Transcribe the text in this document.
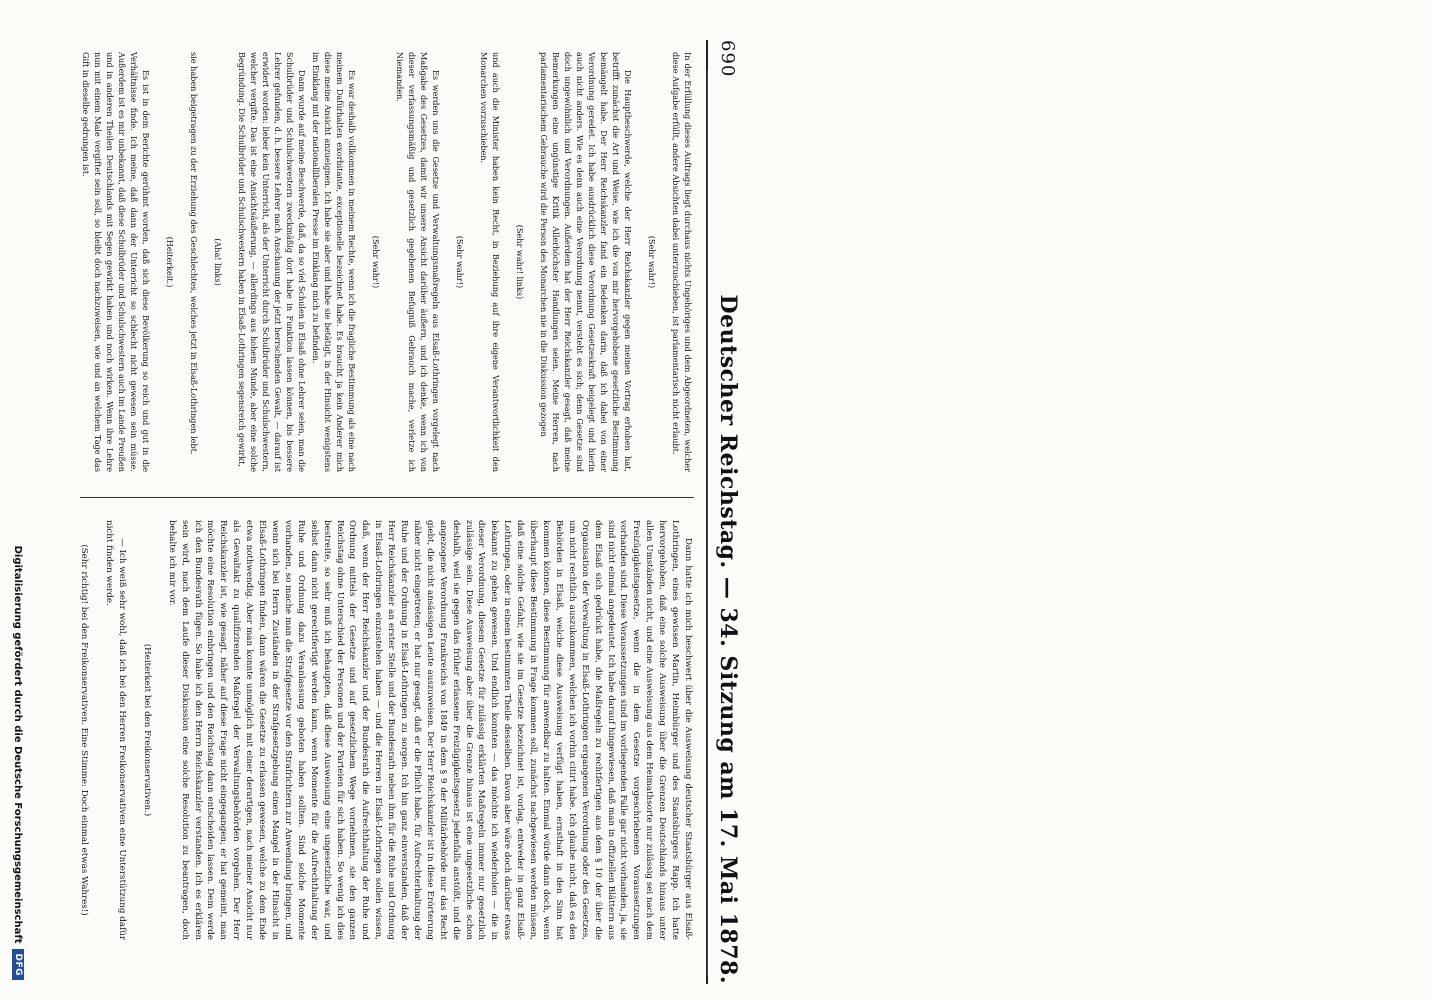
690
Deutscher Reichstag. — 34. Sitzung am 17. Mai 1878.

In der Erfüllung dieses Auftrags liegt durchaus nichts Ungehöriges und dem Abgeordneten, welcher diese Aufgabe erfüllt, andere Absichten dabei unterzuschieben, ist parlamentarisch nicht erlaubt.

(Sehr wahr!)

Die Hauptbeschwerde, welche der Herr Reichskanzler gegen meinen Vortrag erhoben hat, betrifft zunächst die Art und Weise, wie ich die von mir hervorgehobene gesetzliche Bestimmung bemängelt habe. Der Herr Reichskanzler fand ein Bedenken darin, daß ich dabei von einer Verordnung geredet. Ich habe ausdrücklich diese Verordnung Gesetzeskraft beigelegt und hierin auch nicht anders. Wie es denn auch eine Verordnung nennt, versteht es sich; denn Gesetze sind doch ungewöhnlich und Verordnungen. Außerdem hat der Herr Reichskanzler gesagt, daß meine Bemerkungen eine ungünstige Kritik Allerhöchster Handlungen seien. Meine Herren, nach parlamentarischem Gebrauche wird die Person des Monarchen nie in die Diskussion gezogen

(Sehr wahr! links)

und auch die Minister haben kein Recht, in Beziehung auf ihre eigene Verantwortlichkeit den Monarchen vorzuschieben.

(Sehr wahr!)

Es werden uns die Gesetze und Verwaltungsmaßregeln aus Elsaß-Lothringen vorgelegt nach Maßgabe des Gesetzes, damit wir unsere Ansicht darüber äußern, und ich denke, wenn ich von dieser verfassungsmäßig und gesetzlich gegebenen Befugniß Gebrauch mache, verletze ich Niemanden.

(Sehr wahr!)

Es war deshalb vollkommen in meinem Rechte, wenn ich die fragliche Bestimmung als eine nach meinem Dafürhalten exorbitante, exceptionelle bezeichnet habe. Es braucht ja kein Anderer mich diese meine Ansicht anzueignen. Ich habe sie aber und habe sie betätigt, in der Hinsicht wenigstens im Einklang mit der nationalliberalen Presse im Einklang mich zu befinden.

Dann wurde auf meine Beschwerde, daß, da so viel Schulen in Elsaß ohne Lehrer seien, man die Schulbrüder und Schulschwestern zweckmäßig dort habe in Funktion lassen können, bis bessere Lehrer gefunden, d. h. bessere Lehrer nach Anschauung der jetzt herrschenden Gewalt, — darauf ist erwidert worden: lieber kein Unterricht, als der Unterricht durch Schulbrüder und Schulschwestern, welcher vergifte. Das ist eine Ansichtsäußerung, — allerdings aus hohem Munde, aber eine solche Begründung. Die Schulbrüder und Schulschwestern haben in Elsaß-Lothringen segensreich gewirkt,

(Aha! links)

sie haben beigetragen zu der Erziehung des Geschlechtes, welches jetzt in Elsaß-Lothringen lebt.

(Heiterkeit.)

Es ist in dem Berichte gerühmt worden, daß sich diese Bevölkerung so reich und gut in die Verhältnisse finde. Ich meine, daß dann der Unterricht so schlecht nicht gewesen sein müsse. Außerdem ist es mir unbekannt, daß diese Schulbrüder und Schulschwestern auch im Lande Preußen und in anderen Theilen Deutschlands mit Segen gewirkt haben und noch wirken. Wenn ihre Lehre nun mit einem Male vergiftet sein soll, so bleibt doch nachzuweisen, wie und an welchem Tage das Gift in dieselbe gedrungen ist.

Dann hatte ich mich beschwert über die Ausweisung deutscher Staatsbürger aus Elsaß-Lothringen, eines gewissen Martin, Heimbürger und des Staatsbürgers Rapp. Ich hatte hervorgehoben, daß eine solche Ausweisung über die Grenzen Deutschlands hinaus unter allen Umständen nicht, und eine Ausweisung aus dem Heimathsorte nur zulässig sei nach dem Freizügigkeitsgesetze, wenn die in dem Gesetze vorgeschriebenen Voraussetzungen vorhanden sind. Diese Voraussetzungen sind im vorliegenden Falle gar nicht vorhanden, ja, sie sind nicht einmal angedeutet. Ich habe darauf hingewiesen, daß man in offiziellen Blättern aus dem Elsaß sich gedrückt habe, die Maßregeln zu rechtfertigen aus dem § 10 der über die Organisation der Verwaltung in Elsaß-Lothringen ergangenen Verordnung oder des Gesetzes, um nicht rechtlich auszukommen, welchen ich vorhin citirt habe. Ich glaube nicht, daß es den Behörden in Elsaß, welche diese Ausweisung verfügt haben, ernsthaft in den Sinn hat kommen können, diese Bestimmung für anwendbar zu halten. Einmal würde dann doch, wenn überhaupt diese Bestimmung in Frage kommen soll, zunächst nachgewiesen werden müssen, daß eine solche Gefahr, wie sie im Gesetze bezeichnet ist, vorlag, entweder in ganz Elsaß-Lothringen, oder in einem bestimmten Theile desselben. Davon aber wäre doch darüber etwas bekannt zu geben gewesen. Und endlich konnten — das möchte ich wiederholen — die in dieser Verordnung, diesem Gesetze für zulässig erklärten Maßregeln immer nur gesetzlich zulässige sein. Diese Ausweisung aber über die Grenze hinaus ist eine ungesetzliche schon deshalb, weil sie gegen das früher erlassene Freizügigkeitsgesetz jedenfalls anstößt, und die angezogene Verordnung Frankreichs von 1849 in dem § 9 der Militärbehörde nur das Recht giebt, die nicht ansässigen Leute auszuweisen. Der Herr Reichskanzler ist in diese Erörterung näher nicht eingetreten; er hat nur gesagt, daß er die Pflicht habe, für Aufrechterhaltung der Ruhe und der Ordnung in Elsaß-Lothringen zu sorgen. Ich bin ganz einverstanden, daß der Herr Reichskanzler an erster Stelle und der Bundesrath neben ihm für die Ruhe und Ordnung in Elsaß-Lothringen einzustehen haben — und die Herren in Elsaß-Lothringen sollen wissen, daß, wenn der Herr Reichskanzler und der Bundesrath die Aufrechthaltung der Ruhe und Ordnung mittels der Gesetze und auf gesetzlichem Wege vornehmen, sie den ganzen Reichstag ohne Unterschied der Personen und der Parteien für sich haben. So wenig ich dies bestreite, so sehr muß ich behaupten, daß diese Ausweisung eine ungesetzliche war, und selbst dann nicht gerechtfertigt werden kann, wenn Momente für die Aufrechthaltung der Ruhe und Ordnung dazu Veranlassung geboten haben sollten. Sind solche Momente vorhanden, so mache man die Strafgesetze vor den Strafrichtern zur Anwendung bringen, und wenn sich bei Herrn Zuständen in der Strafgesetzgebung einen Mangel in der Hinsicht in Elsaß-Lothringen finden, dann wären die Gesetze zu erlassen gewesen, welche zu dem Ende etwa nothwendig. Aber man konnte unmöglich mit einer derartigen, nach meiner Ansicht nur als Gewaltakt zu qualifizirenden Maßregel der Verwaltungsbehörden vorgehen. Der Herr Reichskanzler ist, wie gesagt, näher auf diese Frage nicht eingegangen; er hat gemeint, man möchte eine Resolution einbringen und den Reichstag dann entscheiden lassen. Dem werde ich den Bundesrath fügen. So habe ich den Herrn Reichskanzler verstanden. Ich es erklären sein wird, nach dem Laufe dieser Diskussion eine solche Resolution zu beantragen, doch behalte ich mir vor.

(Heiterkeit bei den Freikonservativen.)

— Ich weiß sehr wohl, daß ich bei den Herren Freikonservativen eine Unterstützung dafür nicht finden werde.

(Sehr richtig! bei den Freikonservativen. Eine Stimme: Doch einmal etwas Wahres!)

Digitalisierung gefördert durch die Deutsche Forschungsgemeinschaft
DFG
